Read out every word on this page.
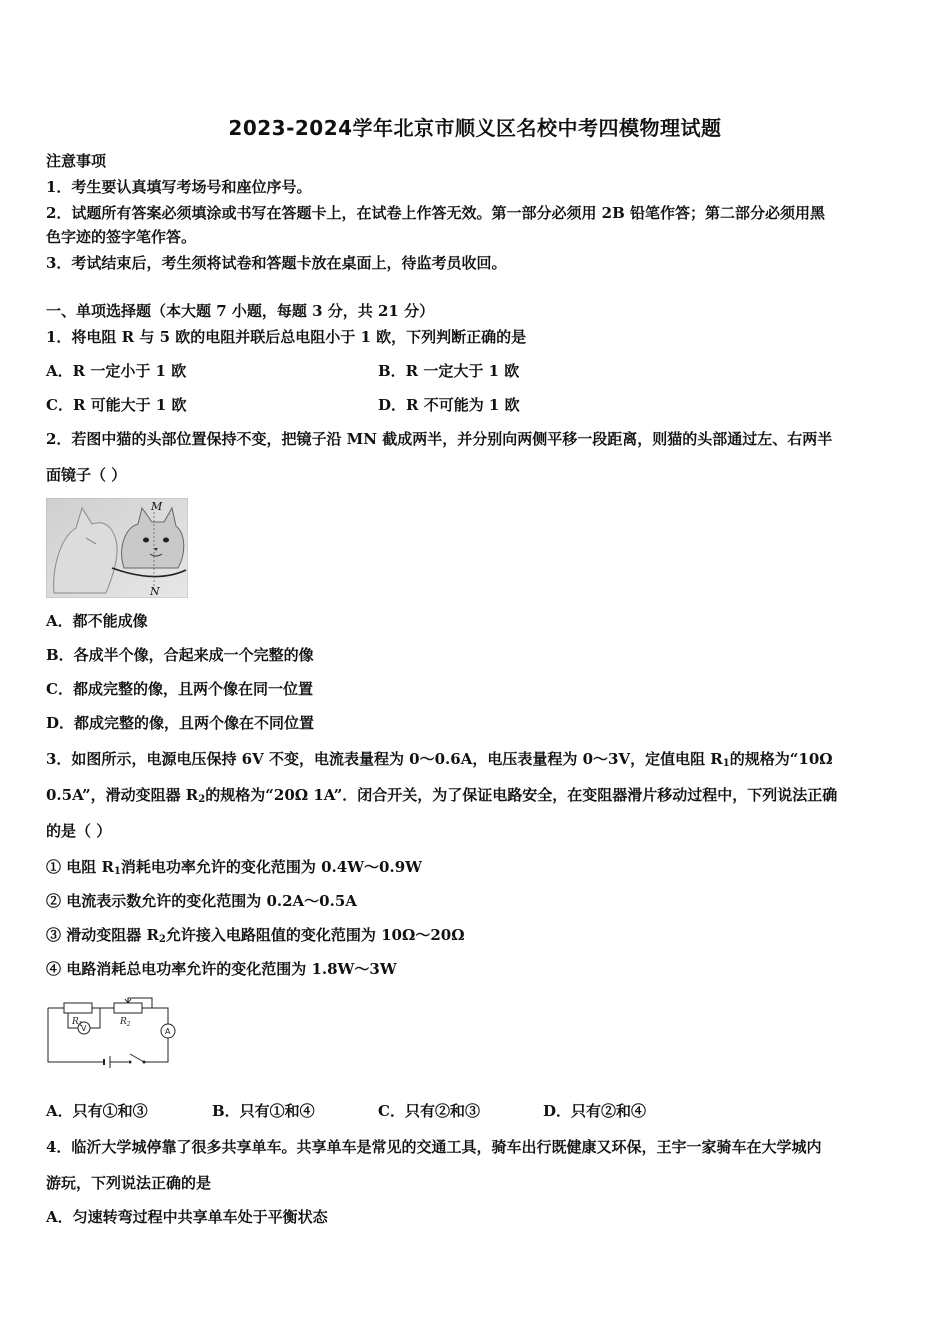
2023-2024学年北京市顺义区名校中考四模物理试题
注意事项
1．考生要认真填写考场号和座位序号。
2．试题所有答案必须填涂或书写在答题卡上，在试卷上作答无效。第一部分必须用 2B 铅笔作答；第二部分必须用黑
色字迹的签字笔作答。
3．考试结束后，考生须将试卷和答题卡放在桌面上，待监考员收回。
一、单项选择题（本大题 7 小题，每题 3 分，共 21 分）
1．将电阻 R 与 5 欧的电阻并联后总电阻小于 1 欧，下列判断正确的是
A．R 一定小于 1 欧	B．R 一定大于 1 欧
C．R 可能大于 1 欧	D．R 不可能为 1 欧
2．若图中猫的头部位置保持不变，把镜子沿 MN 截成两半，并分别向两侧平移一段距离，则猫的头部通过左、右两半
面镜子（ ）
M
N
A．都不能成像
B．各成半个像，合起来成一个完整的像
C．都成完整的像，且两个像在同一位置
D．都成完整的像，且两个像在不同位置
3．如图所示，电源电压保持 6V 不变，电流表量程为 0～0.6A，电压表量程为 0～3V，定值电阻 $R_1$的规格为“10Ω
0.5A”，滑动变阻器 $R_2$的规格为“20Ω 1A”．闭合开关，为了保证电路安全，在变阻器滑片移动过程中，下列说法正确
的是（ ）
① 电阻 $R_1$消耗电功率允许的变化范围为 0.4W～0.9W
② 电流表示数允许的变化范围为 0.2A～0.5A
③ 滑动变阻器 $R_2$允许接入电路阻值的变化范围为 10Ω～20Ω
④ 电路消耗总电功率允许的变化范围为 1.8W～3W
$R_1$	$R_2$
V	A
A．只有①和③	B．只有①和④	C．只有②和③	D．只有②和④
4．临沂大学城停靠了很多共享单车。共享单车是常见的交通工具，骑车出行既健康又环保，王宇一家骑车在大学城内
游玩，下列说法正确的是
A．匀速转弯过程中共享单车处于平衡状态
